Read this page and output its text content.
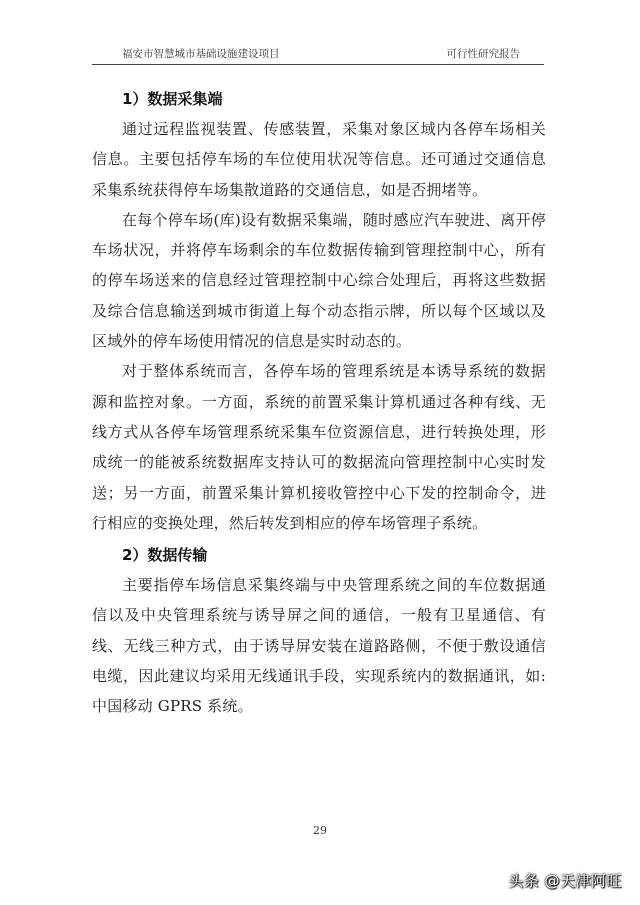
福安市智慧城市基础设施建设项目	可行性研究报告

1）数据采集端

通过远程监视装置、传感装置，采集对象区域内各停车场相关信息。主要包括停车场的车位使用状况等信息。还可通过交通信息采集系统获得停车场集散道路的交通信息，如是否拥堵等。

在每个停车场(库)设有数据采集端，随时感应汽车驶进、离开停车场状况，并将停车场剩余的车位数据传输到管理控制中心，所有的停车场送来的信息经过管理控制中心综合处理后，再将这些数据及综合信息输送到城市街道上每个动态指示牌，所以每个区域以及区域外的停车场使用情况的信息是实时动态的。

对于整体系统而言，各停车场的管理系统是本诱导系统的数据源和监控对象。一方面，系统的前置采集计算机通过各种有线、无线方式从各停车场管理系统采集车位资源信息，进行转换处理，形成统一的能被系统数据库支持认可的数据流向管理控制中心实时发送；另一方面，前置采集计算机接收管控中心下发的控制命令，进行相应的变换处理，然后转发到相应的停车场管理子系统。

2）数据传输

主要指停车场信息采集终端与中央管理系统之间的车位数据通信以及中央管理系统与诱导屏之间的通信，一般有卫星通信、有线、无线三种方式，由于诱导屏安装在道路路侧，不便于敷设通信电缆，因此建议均采用无线通讯手段，实现系统内的数据通讯，如:中国移动 GPRS 系统。

29
头条 @天津阿旺
